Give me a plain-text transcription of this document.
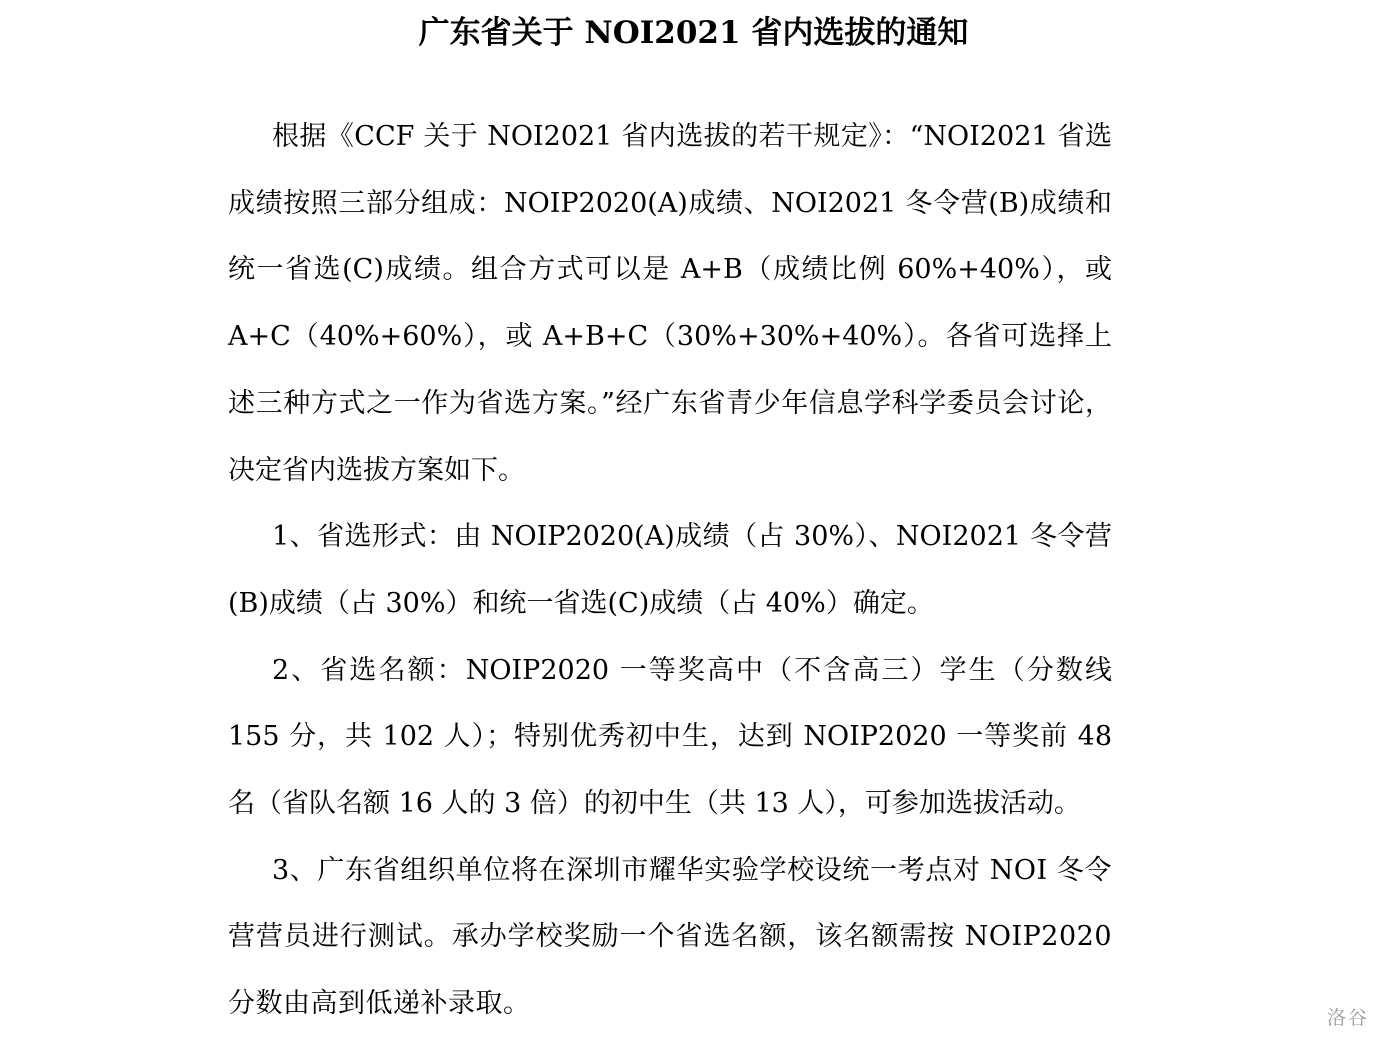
广东省关于 NOI2021 省内选拔的通知

根据《CCF 关于 NOI2021 省内选拔的若干规定》：“NOI2021 省选成绩按照三部分组成：NOIP2020(A)成绩、NOI2021 冬令营(B)成绩和统一省选(C)成绩。组合方式可以是 A+B（成绩比例 60%+40%），或 A+C（40%+60%），或 A+B+C（30%+30%+40%）。各省可选择上述三种方式之一作为省选方案。”经广东省青少年信息学科学委员会讨论，决定省内选拔方案如下。

1、省选形式：由 NOIP2020(A)成绩（占 30%）、NOI2021 冬令营(B)成绩（占 30%）和统一省选(C)成绩（占 40%）确定。

2、省选名额：NOIP2020 一等奖高中（不含高三）学生（分数线 155 分，共 102 人）；特别优秀初中生，达到 NOIP2020 一等奖前 48 名（省队名额 16 人的 3 倍）的初中生（共 13 人），可参加选拔活动。

3、广东省组织单位将在深圳市耀华实验学校设统一考点对 NOI 冬令营营员进行测试。承办学校奖励一个省选名额，该名额需按 NOIP2020 分数由高到低递补录取。	洛谷
